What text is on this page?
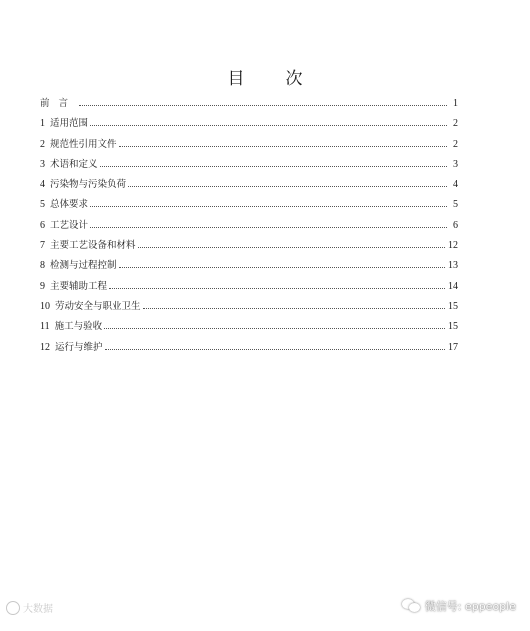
目　次
前言	1
1 适用范围	2
2 规范性引用文件	2
3 术语和定义	3
4 污染物与污染负荷	4
5 总体要求	5
6 工艺设计	6
7 主要工艺设备和材料	12
8 检测与过程控制	13
9 主要辅助工程	14
10 劳动安全与职业卫生	15
11 施工与验收	15
12 运行与维护	17
大数据	微信号: eppeople
